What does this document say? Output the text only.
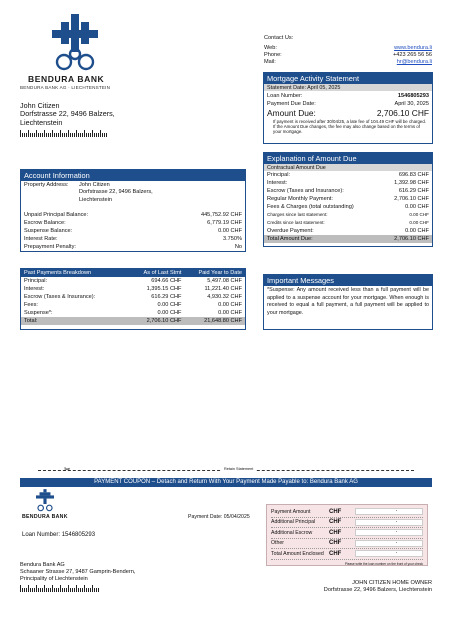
BENDURA BANK
BENDURA BANK AG · LIECHTENSTEIN
John Citizen
Dorfstrasse 22, 9496 Balzers,
Liechtenstein
Contact Us:
Web:	www.bendura.li
Phone:	+423 265 56 56
Mail:	hr@bendura.li
Mortgage Activity Statement
Statement Date: April 05, 2025
Loan Number:	1546805293
Payment Due Date:	April 30, 2025
Amount Due:	2,706.10 CHF
If payment is received after 30/04/25, a late fee of 104.49 CHF will be charged. If the Amount Due changes, the fee may also change based on the terms of your mortgage.
Explanation of Amount Due
Contractual Amount Due
Principal:	696.83 CHF
Interest:	1,392.98 CHF
Escrow (Taxes and Insurance):	616.29 CHF
Regular Monthly Payment:	2,706.10 CHF
Fees & Charges (total outstanding)	0.00 CHF
Charges since last statement:	0.00 CHF
Credits since last statement:	0.00 CHF
Overdue Payment:	0.00 CHF
Total Amount Due:	2,706.10 CHF
Account Information
Property Address:	John Citizen
Dorfstrasse 22, 9496 Balzers,
Liechtenstein
Unpaid Principal Balance:	445,752.92 CHF
Escrow Balance:	6,779.19 CHF
Suspense Balance:	0.00 CHF
Interest Rate:	3.750%
Prepayment Penalty:	No
Past Payments Breakdown	As of Last Stmt	Paid Year to Date
Principal:	694.66 CHF	5,497.08 CHF
Interest:	1,395.15 CHF	11,221.40 CHF
Escrow (Taxes & Insurance):	616.29 CHF	4,930.32 CHF
Fees:	0.00 CHF	0.00 CHF
Suspense*:	0.00 CHF	0.00 CHF
Total:	2,706.10 CHF	21,648.80 CHF
Important Messages
*Suspense: Any amount received less than a full payment will be applied to a suspense account for your mortgage. When enough is received to equal a full payment, a full payment will be applied to your mortgage.
✂	Retain Statement
PAYMENT COUPON – Detach and Return With Your Payment Made Payable to: Bendura Bank AG
BENDURA BANK
Loan Number: 1546805293
Payment Date: 05/04/2025
Payment Amount	CHF	.
Additional Principal	CHF	.
Additional Escrow	CHF	.
Other	CHF	.
Total Amount Enclosed CHF	.
Please write the loan number on the front of your check
Bendura Bank AG
Schaaner Strasse 27, 9487 Gamprin-Bendern,
Principality of Liechtenstein
JOHN CITIZEN HOME OWNER
Dorfstrasse 22, 9496 Balzers, Liechtenstein
